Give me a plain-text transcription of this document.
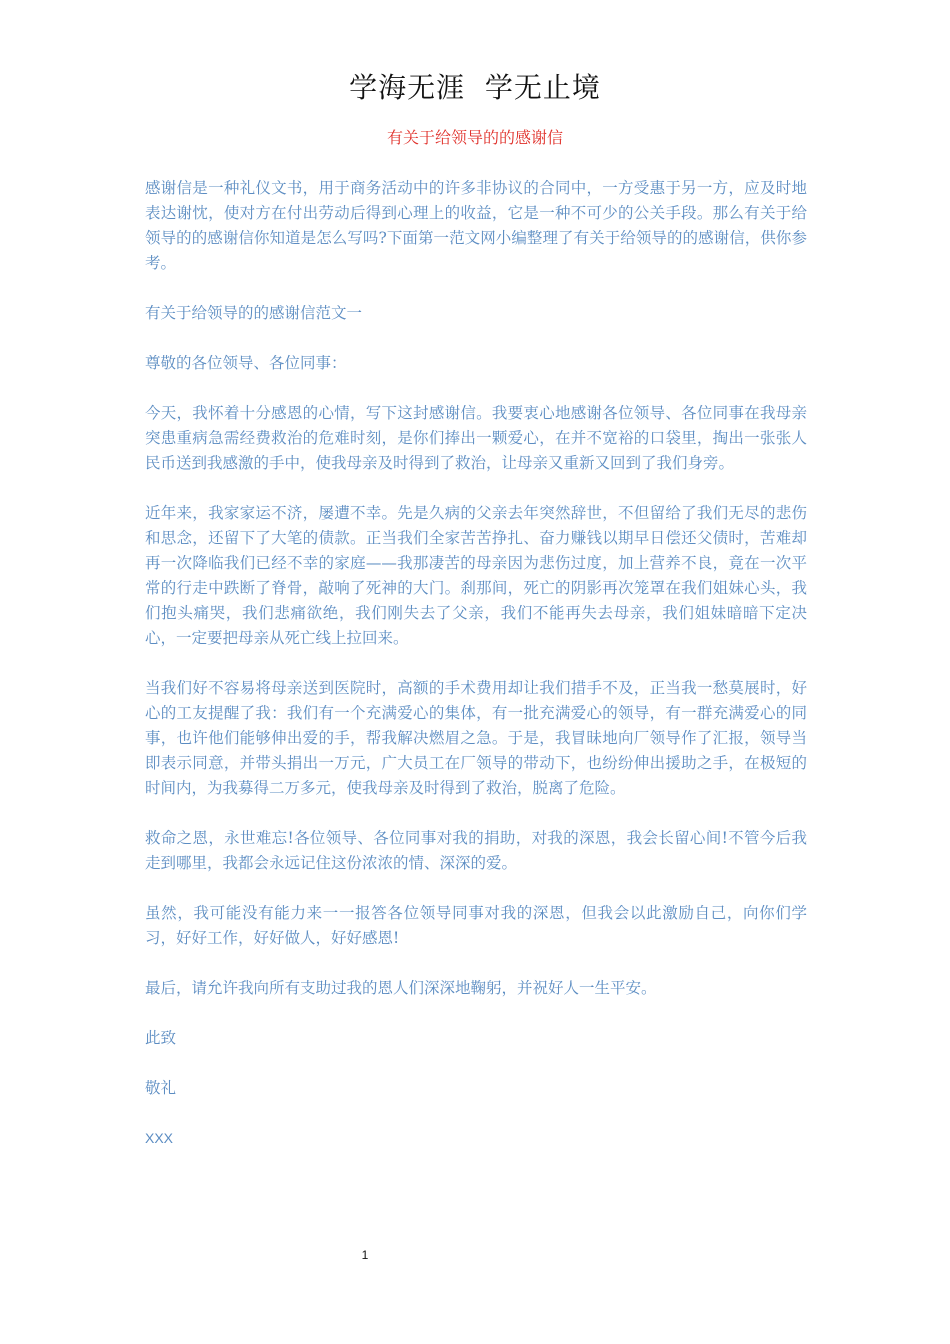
学海无涯  学无止境
有关于给领导的的感谢信

感谢信是一种礼仪文书，用于商务活动中的许多非协议的合同中，一方受惠于另一方，应及时地表达谢忱，使对方在付出劳动后得到心理上的收益，它是一种不可少的公关手段。那么有关于给领导的的感谢信你知道是怎么写吗?下面第一范文网小编整理了有关于给领导的的感谢信，供你参考。

有关于给领导的的感谢信范文一

尊敬的各位领导、各位同事：

今天，我怀着十分感恩的心情，写下这封感谢信。我要衷心地感谢各位领导、各位同事在我母亲突患重病急需经费救治的危难时刻，是你们捧出一颗爱心，在并不宽裕的口袋里，掏出一张张人民币送到我感激的手中，使我母亲及时得到了救治，让母亲又重新又回到了我们身旁。

近年来，我家家运不济，屡遭不幸。先是久病的父亲去年突然辞世，不但留给了我们无尽的悲伤和思念，还留下了大笔的债款。正当我们全家苦苦挣扎、奋力赚钱以期早日偿还父债时，苦难却再一次降临我们已经不幸的家庭——我那凄苦的母亲因为悲伤过度，加上营养不良，竟在一次平常的行走中跌断了脊骨，敲响了死神的大门。刹那间，死亡的阴影再次笼罩在我们姐妹心头，我们抱头痛哭，我们悲痛欲绝，我们刚失去了父亲，我们不能再失去母亲，我们姐妹暗暗下定决心，一定要把母亲从死亡线上拉回来。

当我们好不容易将母亲送到医院时，高额的手术费用却让我们措手不及，正当我一愁莫展时，好心的工友提醒了我：我们有一个充满爱心的集体，有一批充满爱心的领导，有一群充满爱心的同事，也许他们能够伸出爱的手，帮我解决燃眉之急。于是，我冒昧地向厂领导作了汇报，领导当即表示同意，并带头捐出一万元，广大员工在厂领导的带动下，也纷纷伸出援助之手，在极短的时间内，为我募得二万多元，使我母亲及时得到了救治，脱离了危险。

救命之恩，永世难忘!各位领导、各位同事对我的捐助，对我的深恩，我会长留心间!不管今后我走到哪里，我都会永远记住这份浓浓的情、深深的爱。

虽然，我可能没有能力来一一报答各位领导同事对我的深恩，但我会以此激励自己，向你们学习，好好工作，好好做人，好好感恩!

最后，请允许我向所有支助过我的恩人们深深地鞠躬，并祝好人一生平安。

此致

敬礼

XXX

1
